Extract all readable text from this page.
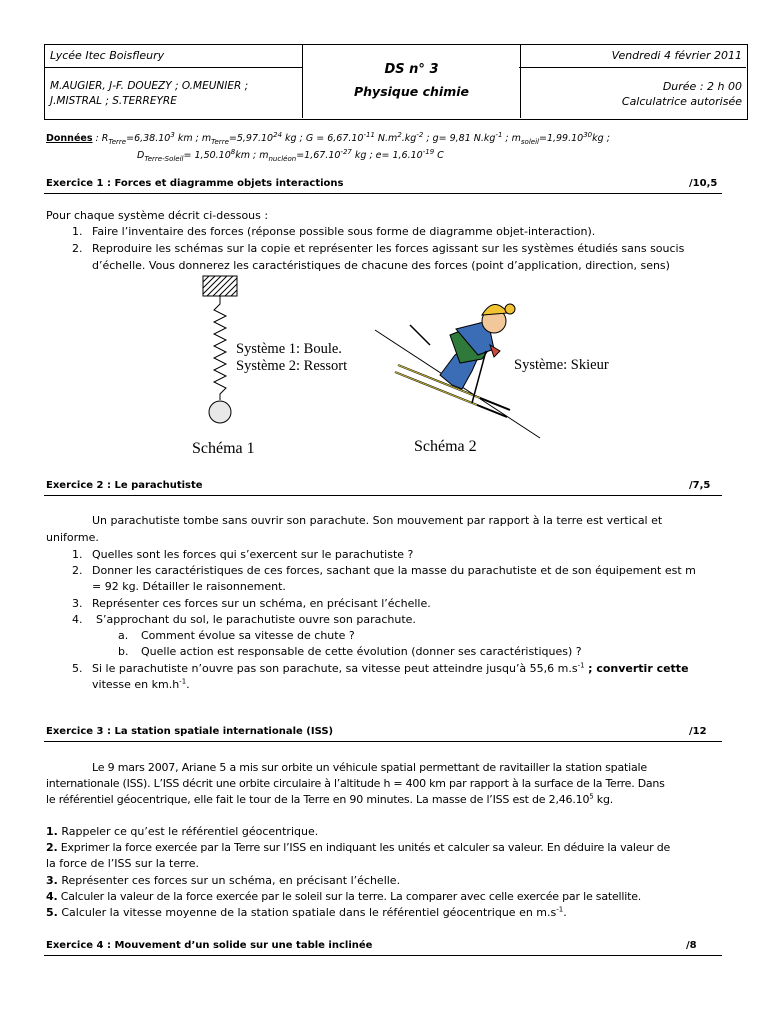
Lycée Itec Boisfleury
M.AUGIER, J-F. DOUEZY ; O.MEUNIER ;
J.MISTRAL ; S.TERREYRE
DS n° 3
Physique chimie
Vendredi 4 février 2011
Durée : 2 h 00
Calculatrice autorisée
Données : $R_{Terre}=6,38.10^3$ km ; $m_{Terre}=5,97.10^{24}$ kg ; $G = 6,67.10^{-11}$ $N.m^2.kg^{-2}$ ; g= 9,81 $N.kg^{-1}$ ; $m_{soleil}=1,99.10^{30}kg$ ;
$D_{Terre-Soleil}= 1,50.10^8km$ ; $m_{nucléon}=1,67.10^{-27}$ kg ; $e= 1,6.10^{-19}$ C
Exercice 1 : Forces et diagramme objets interactions	/10,5
Pour chaque système décrit ci-dessous :
1. Faire l’inventaire des forces (réponse possible sous forme de diagramme objet-interaction).
2. Reproduire les schémas sur la copie et représenter les forces agissant sur les systèmes étudiés sans soucis
d’échelle. Vous donnerez les caractéristiques de chacune des forces (point d’application, direction, sens)
Système 1: Boule.
Système 2: Ressort
Schéma 1
Système: Skieur
Schéma 2
Exercice 2 : Le parachutiste	/7,5
Un parachutiste tombe sans ouvrir son parachute. Son mouvement par rapport à la terre est vertical et
uniforme.
1. Quelles sont les forces qui s’exercent sur le parachutiste ?
2. Donner les caractéristiques de ces forces, sachant que la masse du parachutiste et de son équipement est m
= 92 kg. Détailler le raisonnement.
3. Représenter ces forces sur un schéma, en précisant l’échelle.
4. S’approchant du sol, le parachutiste ouvre son parachute.
a. Comment évolue sa vitesse de chute ?
b. Quelle action est responsable de cette évolution (donner ses caractéristiques) ?
5. Si le parachutiste n’ouvre pas son parachute, sa vitesse peut atteindre jusqu’à 55,6 $m.s^{-1}$ ; convertir cette
vitesse en $km.h^{-1}$.
Exercice 3 : La station spatiale internationale (ISS)	/12
Le 9 mars 2007, Ariane 5 a mis sur orbite un véhicule spatial permettant de ravitailler la station spatiale
internationale (ISS). L’ISS décrit une orbite circulaire à l’altitude h = 400 km par rapport à la surface de la Terre. Dans
le référentiel géocentrique, elle fait le tour de la Terre en 90 minutes. La masse de l’ISS est de 2,46.10$^5$ kg.
1. Rappeler ce qu’est le référentiel géocentrique.
2. Exprimer la force exercée par la Terre sur l’ISS en indiquant les unités et calculer sa valeur. En déduire la valeur de
la force de l’ISS sur la terre.
3. Représenter ces forces sur un schéma, en précisant l’échelle.
4. Calculer la valeur de la force exercée par le soleil sur la terre. La comparer avec celle exercée par le satellite.
5. Calculer la vitesse moyenne de la station spatiale dans le référentiel géocentrique en $m.s^{-1}$.
Exercice 4 : Mouvement d’un solide sur une table inclinée	/8
